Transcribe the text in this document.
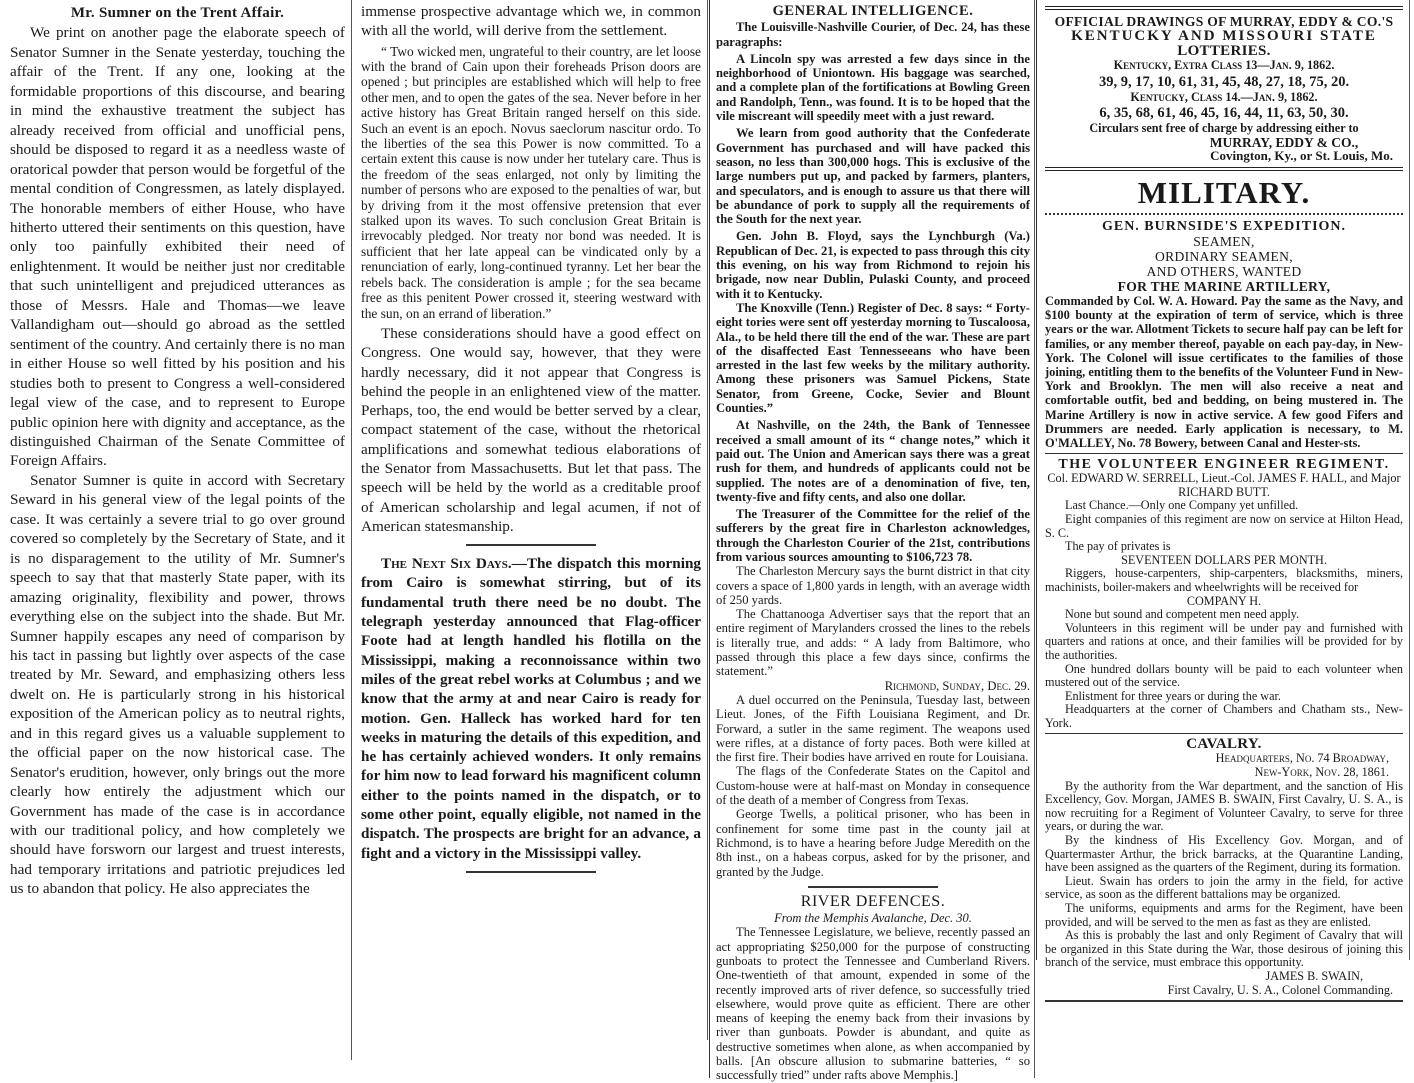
Mr. Sumner on the Trent Affair.

We print on another page the elaborate speech of Senator Sumner in the Senate yesterday, touching the affair of the Trent. If any one, looking at the formidable proportions of this discourse, and bearing in mind the exhaustive treatment the subject has already received from official and unofficial pens, should be disposed to regard it as a needless waste of oratorical powder that person would be forgetful of the mental condition of Congressmen, as lately displayed. The honorable members of either House, who have hitherto uttered their sentiments on this question, have only too painfully exhibited their need of enlightenment. It would be neither just nor creditable that such unintelligent and prejudiced utterances as those of Messrs. Hale and Thomas—we leave Vallandigham out—should go abroad as the settled sentiment of the country. And certainly there is no man in either House so well fitted by his position and his studies both to present to Congress a well-considered legal view of the case, and to represent to Europe public opinion here with dignity and acceptance, as the distinguished Chairman of the Senate Committee of Foreign Affairs.

Senator Sumner is quite in accord with Secretary Seward in his general view of the legal points of the case. It was certainly a severe trial to go over ground covered so completely by the Secretary of State, and it is no disparagement to the utility of Mr. Sumner's speech to say that that masterly State paper, with its amazing originality, flexibility and power, throws everything else on the subject into the shade. But Mr. Sumner happily escapes any need of comparison by his tact in passing but lightly over aspects of the case treated by Mr. Seward, and emphasizing others less dwelt on. He is particularly strong in his historical exposition of the American policy as to neutral rights, and in this regard gives us a valuable supplement to the official paper on the now historical case. The Senator's erudition, however, only brings out the more clearly how entirely the adjustment which our Government has made of the case is in accordance with our traditional policy, and how completely we should have forsworn our largest and truest interests, had temporary irritations and patriotic prejudices led us to abandon that policy. He also appreciates the

immense prospective advantage which we, in common with all the world, will derive from the settlement.

“ Two wicked men, ungrateful to their country, are let loose with the brand of Cain upon their foreheads Prison doors are opened ; but principles are established which will help to free other men, and to open the gates of the sea. Never before in her active history has Great Britain ranged herself on this side. Such an event is an epoch. Novus saeclorum nascitur ordo. To the liberties of the sea this Power is now committed. To a certain extent this cause is now under her tutelary care. Thus is the freedom of the seas enlarged, not only by limiting the number of persons who are exposed to the penalties of war, but by driving from it the most offensive pretension that ever stalked upon its waves. To such conclusion Great Britain is irrevocably pledged. Nor treaty nor bond was needed. It is sufficient that her late appeal can be vindicated only by a renunciation of early, long-continued tyranny. Let her bear the rebels back. The consideration is ample ; for the sea became free as this penitent Power crossed it, steering westward with the sun, on an errand of liberation.”

These considerations should have a good effect on Congress. One would say, however, that they were hardly necessary, did it not appear that Congress is behind the people in an enlightened view of the matter. Perhaps, too, the end would be better served by a clear, compact statement of the case, without the rhetorical amplifications and somewhat tedious elaborations of the Senator from Massachusetts. But let that pass. The speech will be held by the world as a creditable proof of American scholarship and legal acumen, if not of American statesmanship.

The Next Six Days.—The dispatch this morning from Cairo is somewhat stirring, but of its fundamental truth there need be no doubt. The telegraph yesterday announced that Flag-officer Foote had at length handled his flotilla on the Mississippi, making a reconnoissance within two miles of the great rebel works at Columbus ; and we know that the army at and near Cairo is ready for motion. Gen. Halleck has worked hard for ten weeks in maturing the details of this expedition, and he has certainly achieved wonders. It only remains for him now to lead forward his magnificent column either to the points named in the dispatch, or to some other point, equally eligible, not named in the dispatch. The prospects are bright for an advance, a fight and a victory in the Mississippi valley.

GENERAL INTELLIGENCE.

The Louisville-Nashville Courier, of Dec. 24, has these paragraphs:

A Lincoln spy was arrested a few days since in the neighborhood of Uniontown. His baggage was searched, and a complete plan of the fortifications at Bowling Green and Randolph, Tenn., was found. It is to be hoped that the vile miscreant will speedily meet with a just reward.

We learn from good authority that the Confederate Government has purchased and will have packed this season, no less than 300,000 hogs. This is exclusive of the large numbers put up, and packed by farmers, planters, and speculators, and is enough to assure us that there will be abundance of pork to supply all the requirements of the South for the next year.

Gen. John B. Floyd, says the Lynchburgh (Va.) Republican of Dec. 21, is expected to pass through this city this evening, on his way from Richmond to rejoin his brigade, now near Dublin, Pulaski County, and proceed with it to Kentucky.

The Knoxville (Tenn.) Register of Dec. 8 says: “ Forty-eight tories were sent off yesterday morning to Tuscaloosa, Ala., to be held there till the end of the war. These are part of the disaffected East Tennesseeans who have been arrested in the last few weeks by the military authority. Among these prisoners was Samuel Pickens, State Senator, from Greene, Cocke, Sevier and Blount Counties.”

At Nashville, on the 24th, the Bank of Tennessee received a small amount of its “ change notes,” which it paid out. The Union and American says there was a great rush for them, and hundreds of applicants could not be supplied. The notes are of a denomination of five, ten, twenty-five and fifty cents, and also one dollar.

The Treasurer of the Committee for the relief of the sufferers by the great fire in Charleston acknowledges, through the Charleston Courier of the 21st, contributions from various sources amounting to $106,723 78.

The Charleston Mercury says the burnt district in that city covers a space of 1,800 yards in length, with an average width of 250 yards.

The Chattanooga Advertiser says that the report that an entire regiment of Marylanders crossed the lines to the rebels is literally true, and adds: “ A lady from Baltimore, who passed through this place a few days since, confirms the statement.”

Richmond, Sunday, Dec. 29.

A duel occurred on the Peninsula, Tuesday last, between Lieut. Jones, of the Fifth Louisiana Regiment, and Dr. Forward, a sutler in the same regiment. The weapons used were rifles, at a distance of forty paces. Both were killed at the first fire. Their bodies have arrived en route for Louisiana.

The flags of the Confederate States on the Capitol and Custom-house were at half-mast on Monday in consequence of the death of a member of Congress from Texas.

George Twells, a political prisoner, who has been in confinement for some time past in the county jail at Richmond, is to have a hearing before Judge Meredith on the 8th inst., on a habeas corpus, asked for by the prisoner, and granted by the Judge.

RIVER DEFENCES.

From the Memphis Avalanche, Dec. 30.

The Tennessee Legislature, we believe, recently passed an act appropriating $250,000 for the purpose of constructing gunboats to protect the Tennessee and Cumberland Rivers. One-twentieth of that amount, expended in some of the recently improved arts of river defence, so successfully tried elsewhere, would prove quite as efficient. There are other means of keeping the enemy back from their invasions by river than gunboats. Powder is abundant, and quite as destructive sometimes when alone, as when accompanied by balls. [An obscure allusion to submarine batteries, “ so successfully tried” under rafts above Memphis.]

OFFICIAL DRAWINGS OF MURRAY, EDDY & CO.'S

KENTUCKY AND MISSOURI STATE

LOTTERIES.

Kentucky, Extra Class 13—Jan. 9, 1862.

39, 9, 17, 10, 61, 31, 45, 48, 27, 18, 75, 20.

Kentucky, Class 14.—Jan. 9, 1862.

6, 35, 68, 61, 46, 45, 16, 44, 11, 63, 50, 30.

Circulars sent free of charge by addressing either to

MURRAY, EDDY & CO.,

Covington, Ky., or St. Louis, Mo.

MILITARY.

GEN. BURNSIDE'S EXPEDITION.

SEAMEN,

ORDINARY SEAMEN,

AND OTHERS, WANTED

FOR THE MARINE ARTILLERY,

Commanded by Col. W. A. Howard. Pay the same as the Navy, and $100 bounty at the expiration of term of service, which is three years or the war. Allotment Tickets to secure half pay can be left for families, or any member thereof, payable on each pay-day, in New-York. The Colonel will issue certificates to the families of those joining, entitling them to the benefits of the Volunteer Fund in New-York and Brooklyn. The men will also receive a neat and comfortable outfit, bed and bedding, on being mustered in. The Marine Artillery is now in active service. A few good Fifers and Drummers are needed. Early application is necessary, to M. O'MALLEY, No. 78 Bowery, between Canal and Hester-sts.

THE VOLUNTEER ENGINEER REGIMENT.

Col. EDWARD W. SERRELL, Lieut.-Col. JAMES F. HALL, and Major RICHARD BUTT.

Last Chance.—Only one Company yet unfilled.

Eight companies of this regiment are now on service at Hilton Head, S. C.

The pay of privates is

SEVENTEEN DOLLARS PER MONTH.

Riggers, house-carpenters, ship-carpenters, blacksmiths, miners, machinists, boiler-makers and wheelwrights will be received for

COMPANY H.

None but sound and competent men need apply.

Volunteers in this regiment will be under pay and furnished with quarters and rations at once, and their families will be provided for by the authorities.

One hundred dollars bounty will be paid to each volunteer when mustered out of the service.

Enlistment for three years or during the war.

Headquarters at the corner of Chambers and Chatham sts., New-York.

CAVALRY.

Headquarters, No. 74 Broadway,

New-York, Nov. 28, 1861.

By the authority from the War department, and the sanction of His Excellency, Gov. Morgan, JAMES B. SWAIN, First Cavalry, U. S. A., is now recruiting for a Regiment of Volunteer Cavalry, to serve for three years, or during the war.

By the kindness of His Excellency Gov. Morgan, and of Quartermaster Arthur, the brick barracks, at the Quarantine Landing, have been assigned as the quarters of the Regiment, during its formation.

Lieut. Swain has orders to join the army in the field, for active service, as soon as the different battalions may be organized.

The uniforms, equipments and arms for the Regiment, have been provided, and will be served to the men as fast as they are enlisted.

As this is probably the last and only Regiment of Cavalry that will be organized in this State during the War, those desirous of joining this branch of the service, must embrace this opportunity.

JAMES B. SWAIN,

First Cavalry, U. S. A., Colonel Commanding.
